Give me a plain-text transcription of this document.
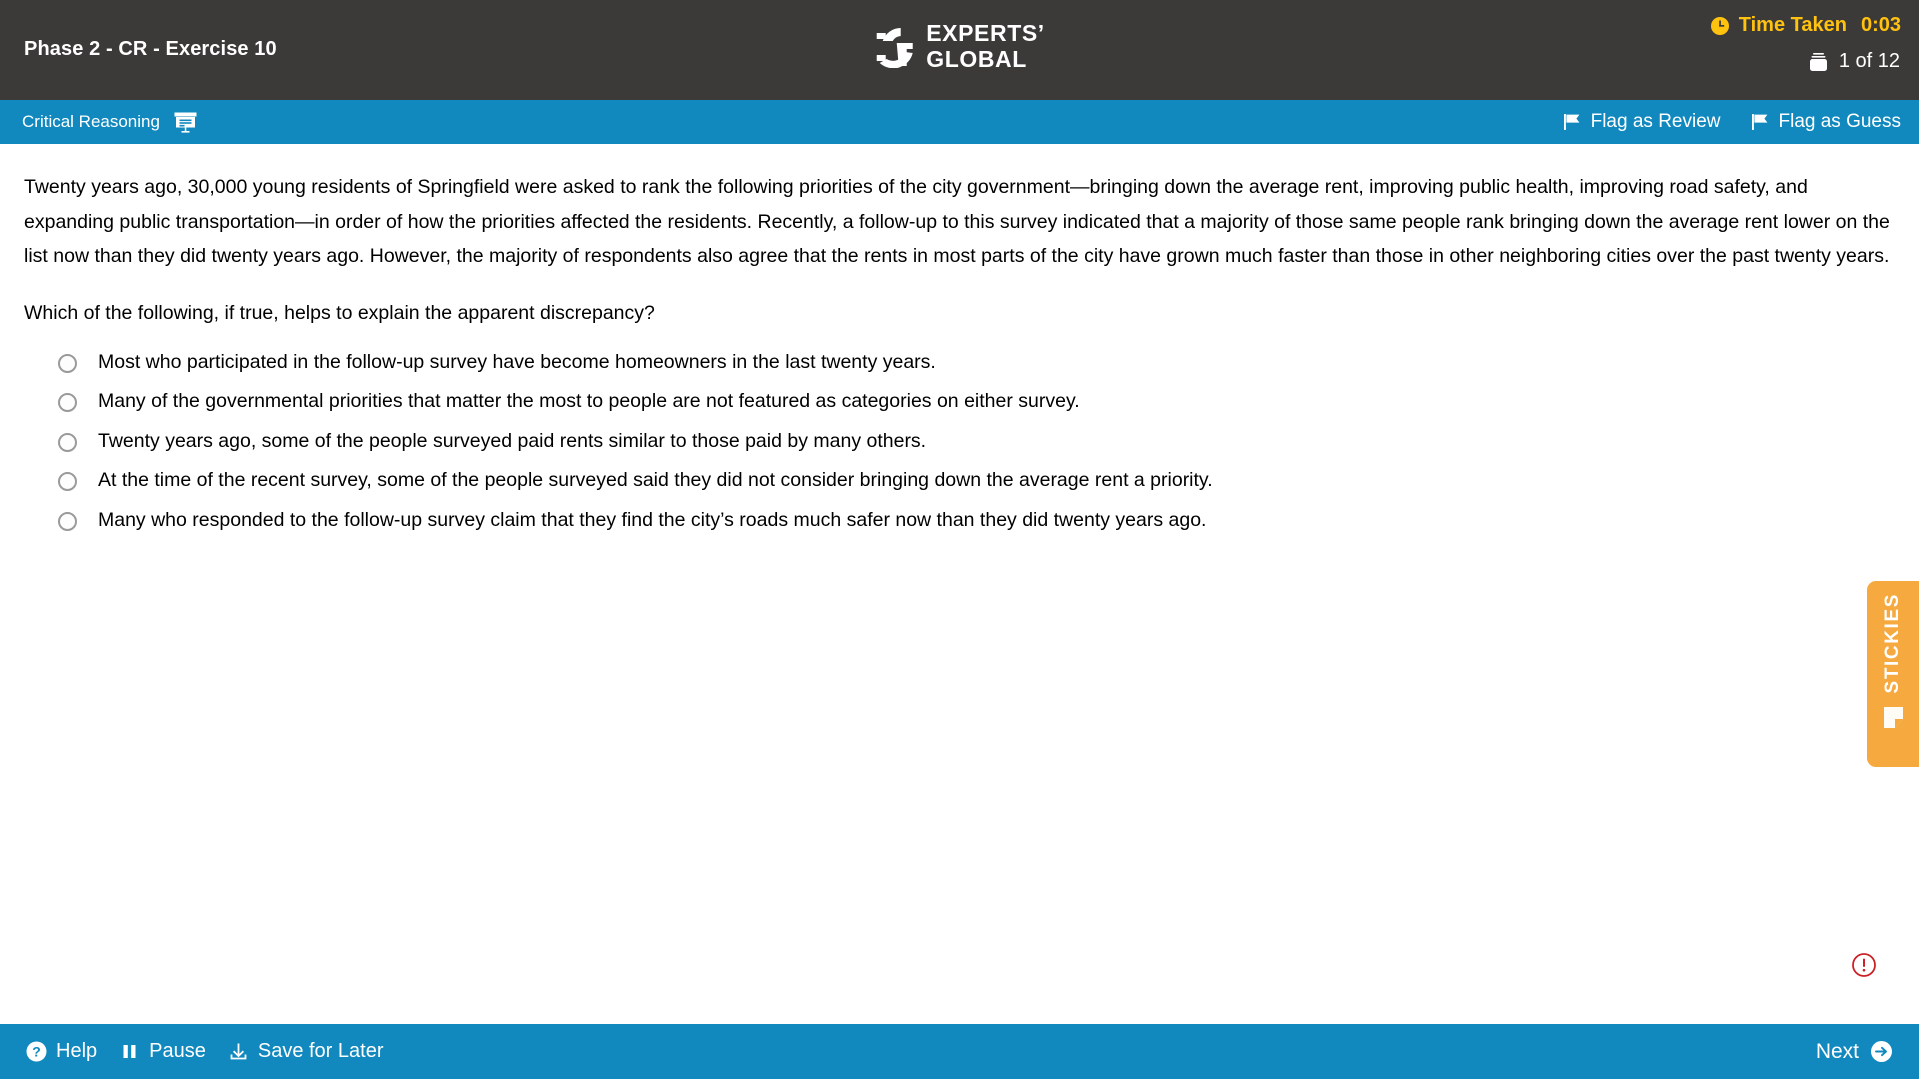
Phase 2 - CR - Exercise 10
EXPERTS’
GLOBAL
Time Taken 0:03
1 of 12
Critical Reasoning	Flag as Review	Flag as Guess
Twenty years ago, 30,000 young residents of Springfield were asked to rank the following priorities of the city government—bringing down the average rent, improving public health, improving road safety, and expanding public transportation—in order of how the priorities affected the residents. Recently, a follow-up to this survey indicated that a majority of those same people rank bringing down the average rent lower on the list now than they did twenty years ago. However, the majority of respondents also agree that the rents in most parts of the city have grown much faster than those in other neighboring cities over the past twenty years.
Which of the following, if true, helps to explain the apparent discrepancy?
Most who participated in the follow-up survey have become homeowners in the last twenty years.
Many of the governmental priorities that matter the most to people are not featured as categories on either survey.
Twenty years ago, some of the people surveyed paid rents similar to those paid by many others.
At the time of the recent survey, some of the people surveyed said they did not consider bringing down the average rent a priority.
Many who responded to the follow-up survey claim that they find the city’s roads much safer now than they did twenty years ago.
STICKIES
? Help	Pause	Save for Later	Next
